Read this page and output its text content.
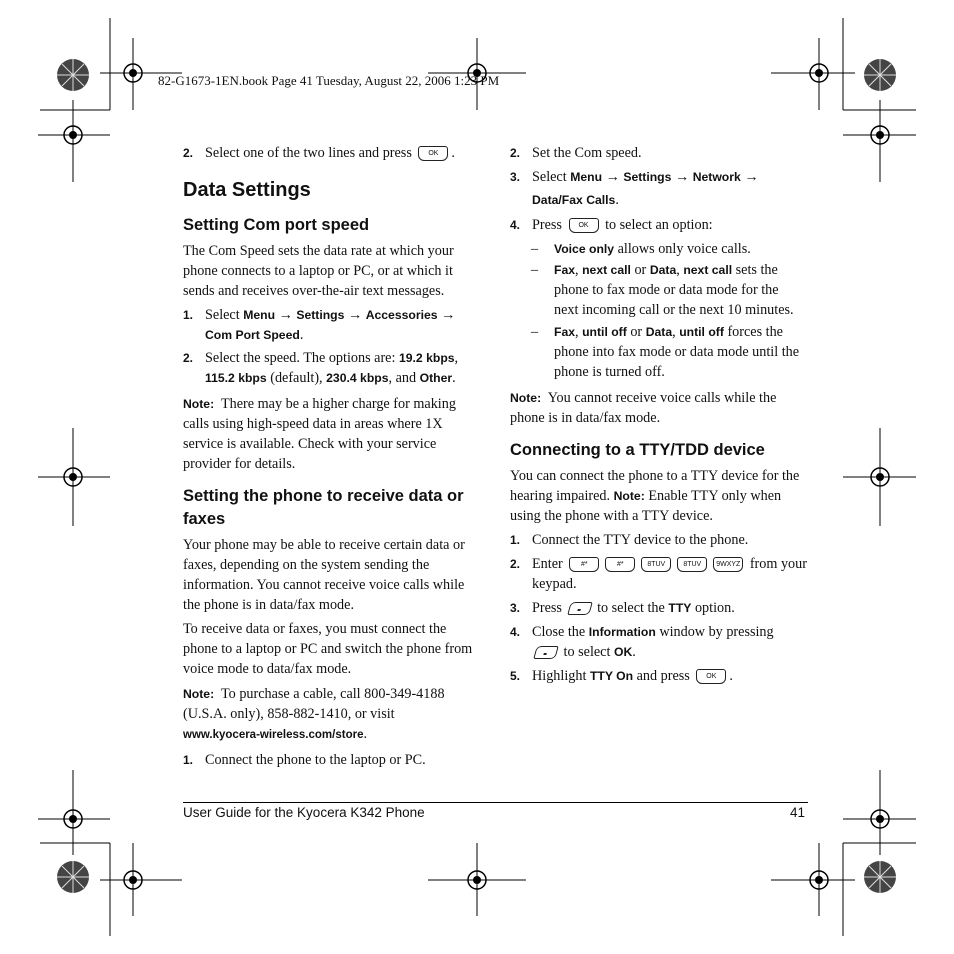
82-G1673-1EN.book Page 41 Tuesday, August 22, 2006 1:23 PM
2. Select one of the two lines and press OK .
Data Settings
Setting Com port speed
The Com Speed sets the data rate at which your phone connects to a laptop or PC, or at which it sends and receives over-the-air text messages.
1. Select Menu → Settings → Accessories →
Com Port Speed.
2. Select the speed. The options are: 19.2 kbps,
115.2 kbps (default), 230.4 kbps, and Other.
Note: There may be a higher charge for making calls using high-speed data in areas where 1X service is available. Check with your service provider for details.
Setting the phone to receive data or faxes
Your phone may be able to receive certain data or faxes, depending on the system sending the information. You cannot receive voice calls while the phone is in data/fax mode.
To receive data or faxes, you must connect the phone to a laptop or PC and switch the phone from voice mode to data/fax mode.
Note: To purchase a cable, call 800-349-4188 (U.S.A. only), 858-882-1410, or visit
www.kyocera-wireless.com/store.
1. Connect the phone to the laptop or PC.
2. Set the Com speed.
3. Select Menu → Settings → Network →
Data/Fax Calls.
4. Press OK to select an option:
– Voice only allows only voice calls.
– Fax, next call or Data, next call sets the phone to fax mode or data mode for the next incoming call or the next 10 minutes.
– Fax, until off or Data, until off forces the phone into fax mode or data mode until the phone is turned off.
Note: You cannot receive voice calls while the phone is in data/fax mode.
Connecting to a TTY/TDD device
You can connect the phone to a TTY device for the hearing impaired. Note: Enable TTY only when using the phone with a TTY device.
1. Connect the TTY device to the phone.
2. Enter	#*	#*	8TUV	8TUV 9WXYZ from your keypad.
3. Press to select the TTY option.
4. Close the Information window by pressing
to select OK.
5. Highlight TTY On and press OK .
User Guide for the Kyocera K342 Phone	41
